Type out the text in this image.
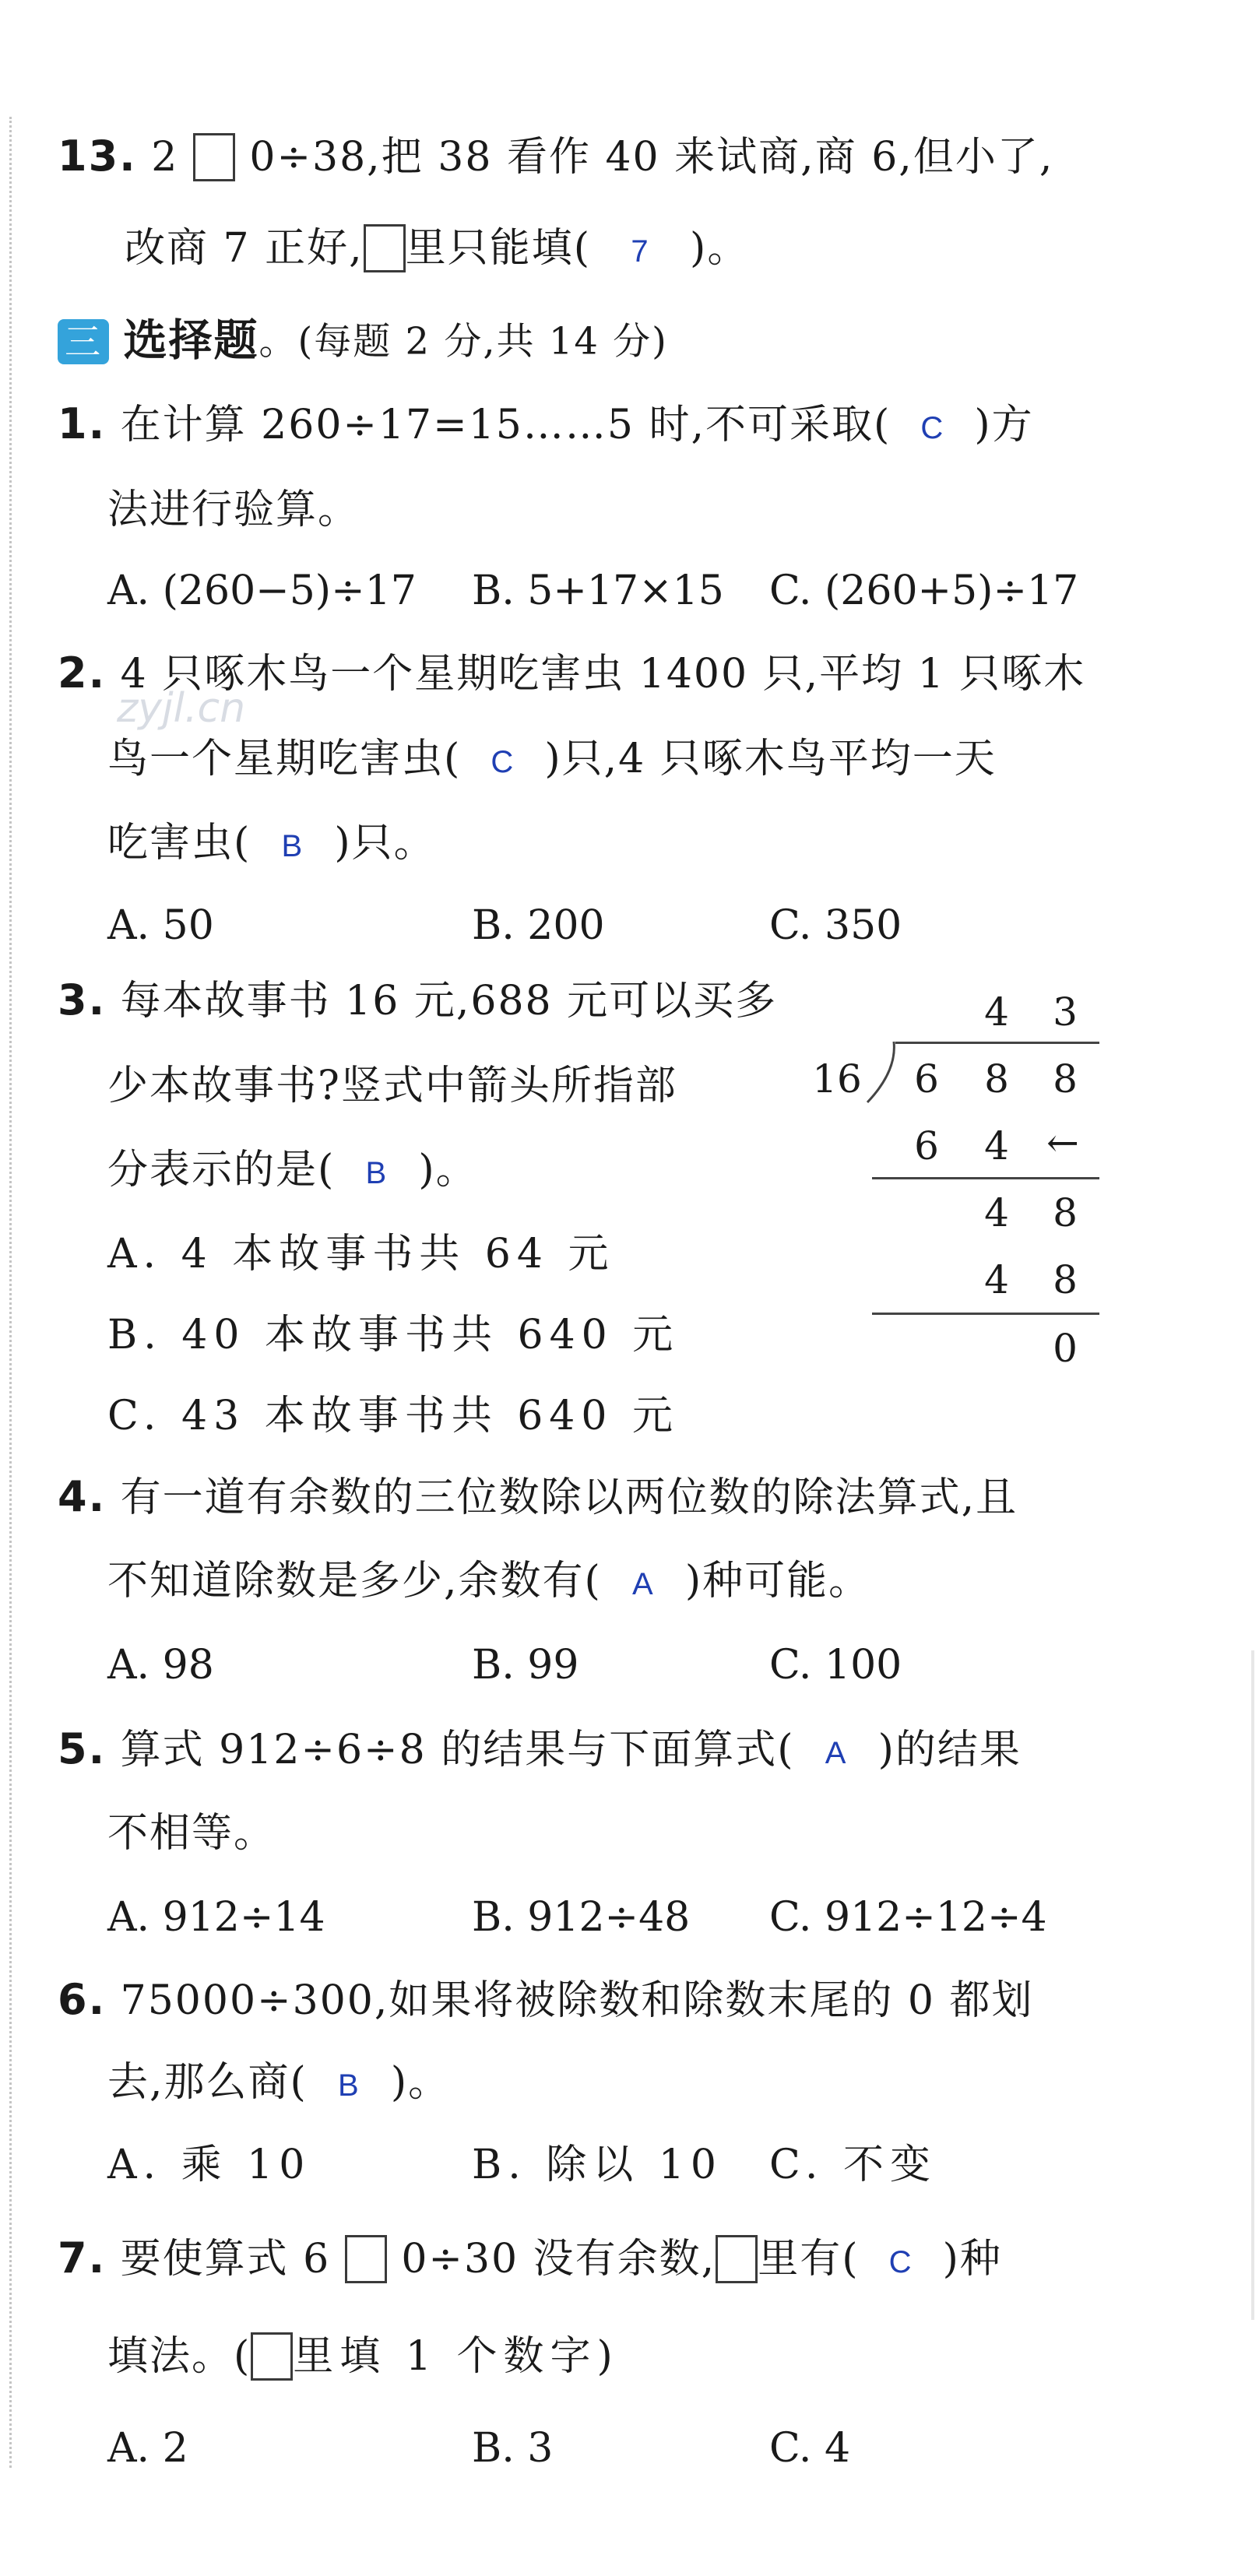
13. 2 0÷38,把 38 看作 40 来试商,商 6,但小了,
改商 7 正好, 里只能填( 7 )。
三 选择题。(每题 2 分,共 14 分)
1. 在计算 260÷17=15……5 时,不可采取( C )方
法进行验算。
A. (260−5)÷17 B. 5+17×15 C. (260+5)÷17
zyjl.cn
2. 4 只啄木鸟一个星期吃害虫 1400 只,平均 1 只啄木
鸟一个星期吃害虫( C )只,4 只啄木鸟平均一天
吃害虫( B )只。
A. 50	B. 200	C. 350
3. 每本故事书 16 元,688 元可以买多
少本故事书?竖式中箭头所指部
分表示的是( B )。
A. 4 本故事书共 64 元
B. 40 本故事书共 640 元
C. 43 本故事书共 640 元
4 3
16 6 8 8
6 4 ←
4 8
4 8
0
4. 有一道有余数的三位数除以两位数的除法算式,且
不知道除数是多少,余数有( A )种可能。
A. 98	B. 99	C. 100
5. 算式 912÷6÷8 的结果与下面算式( A )的结果
不相等。
A. 912÷14	B. 912÷48 C. 912÷12÷4
6. 75000÷300,如果将被除数和除数末尾的 0 都划
去,那么商( B )。
A. 乘 10	B. 除以 10 C. 不变
7. 要使算式 6 0÷30 没有余数, 里有( C )种
填法。( 里填 1 个数字)
A. 2	B. 3	C. 4
